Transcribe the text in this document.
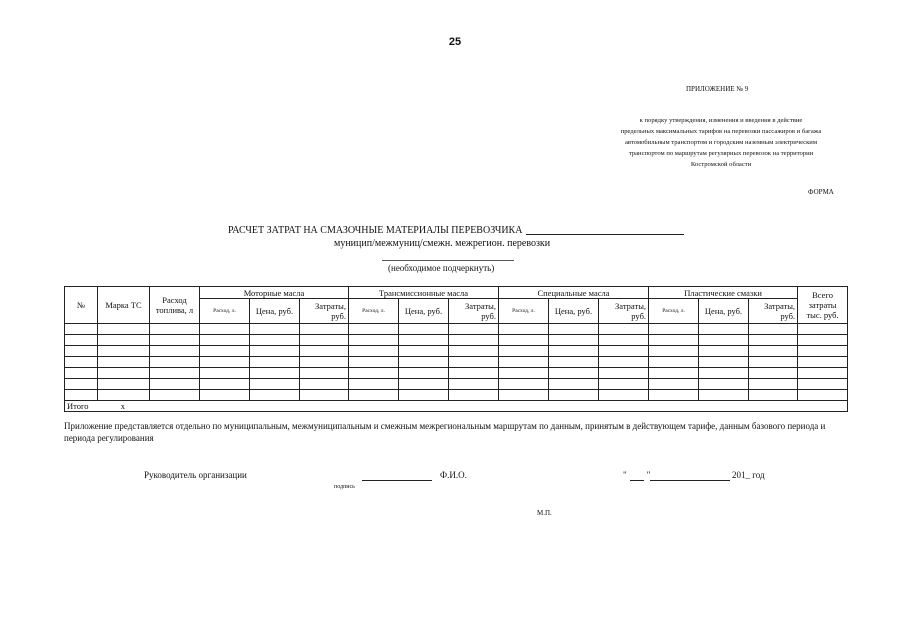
25
ПРИЛОЖЕНИЕ № 9
к порядку утверждения, изменения и введения в действие
предельных максимальных тарифов на перевозки пассажиров и багажа
автомобильным транспортом и городским наземным электрическим
транспортом по маршрутам регулярных перевозок на территории
Костромской области
ФОРМА
РАСЧЕТ ЗАТРАТ НА СМАЗОЧНЫЕ МАТЕРИАЛЫ ПЕРЕВОЗЧИКА
муницип/межмуниц/смежн. межрегион. перевозки
(необходимое подчеркнуть)
№	Марка ТС	Расход топлива, л	Моторные масла			Трансмиссионные масла			Специальные масла			Пластические смазки			Всего затраты тыс. руб.
			Расход, л.	Цена, руб.	Затраты, руб.	Расход, л.	Цена, руб.	Затраты, руб.	Расход, л.	Цена, руб.	Затраты, руб.	Расход, л.	Цена, руб.	Затраты, руб.	

Итого x															
Приложение представляется отдельно по муниципальным, межмуниципальным и смежным межрегиональным маршрутам по данным, принятым в действующем тарифе, данным базового периода и периода регулирования
Руководитель организации	Ф.И.О.
подпись
" "	201_ год
М.П.
